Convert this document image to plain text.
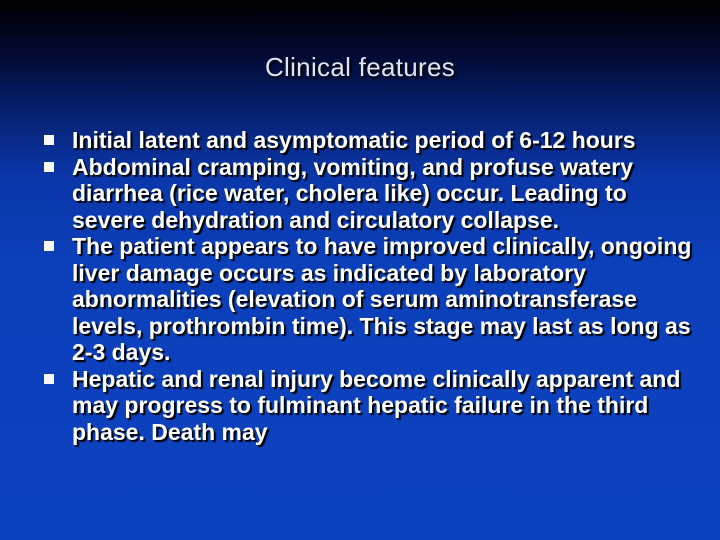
Clinical features
Initial latent and asymptomatic period of 6-12 hours
Abdominal cramping, vomiting, and profuse watery diarrhea (rice water, cholera like) occur. Leading to severe dehydration and circulatory collapse.
The patient appears to have improved clinically, ongoing liver damage occurs as indicated by laboratory abnormalities (elevation of serum aminotransferase levels, prothrombin time). This stage may last as long as 2-3 days.
Hepatic and renal injury become clinically apparent and may progress to fulminant hepatic failure in the third phase. Death may
